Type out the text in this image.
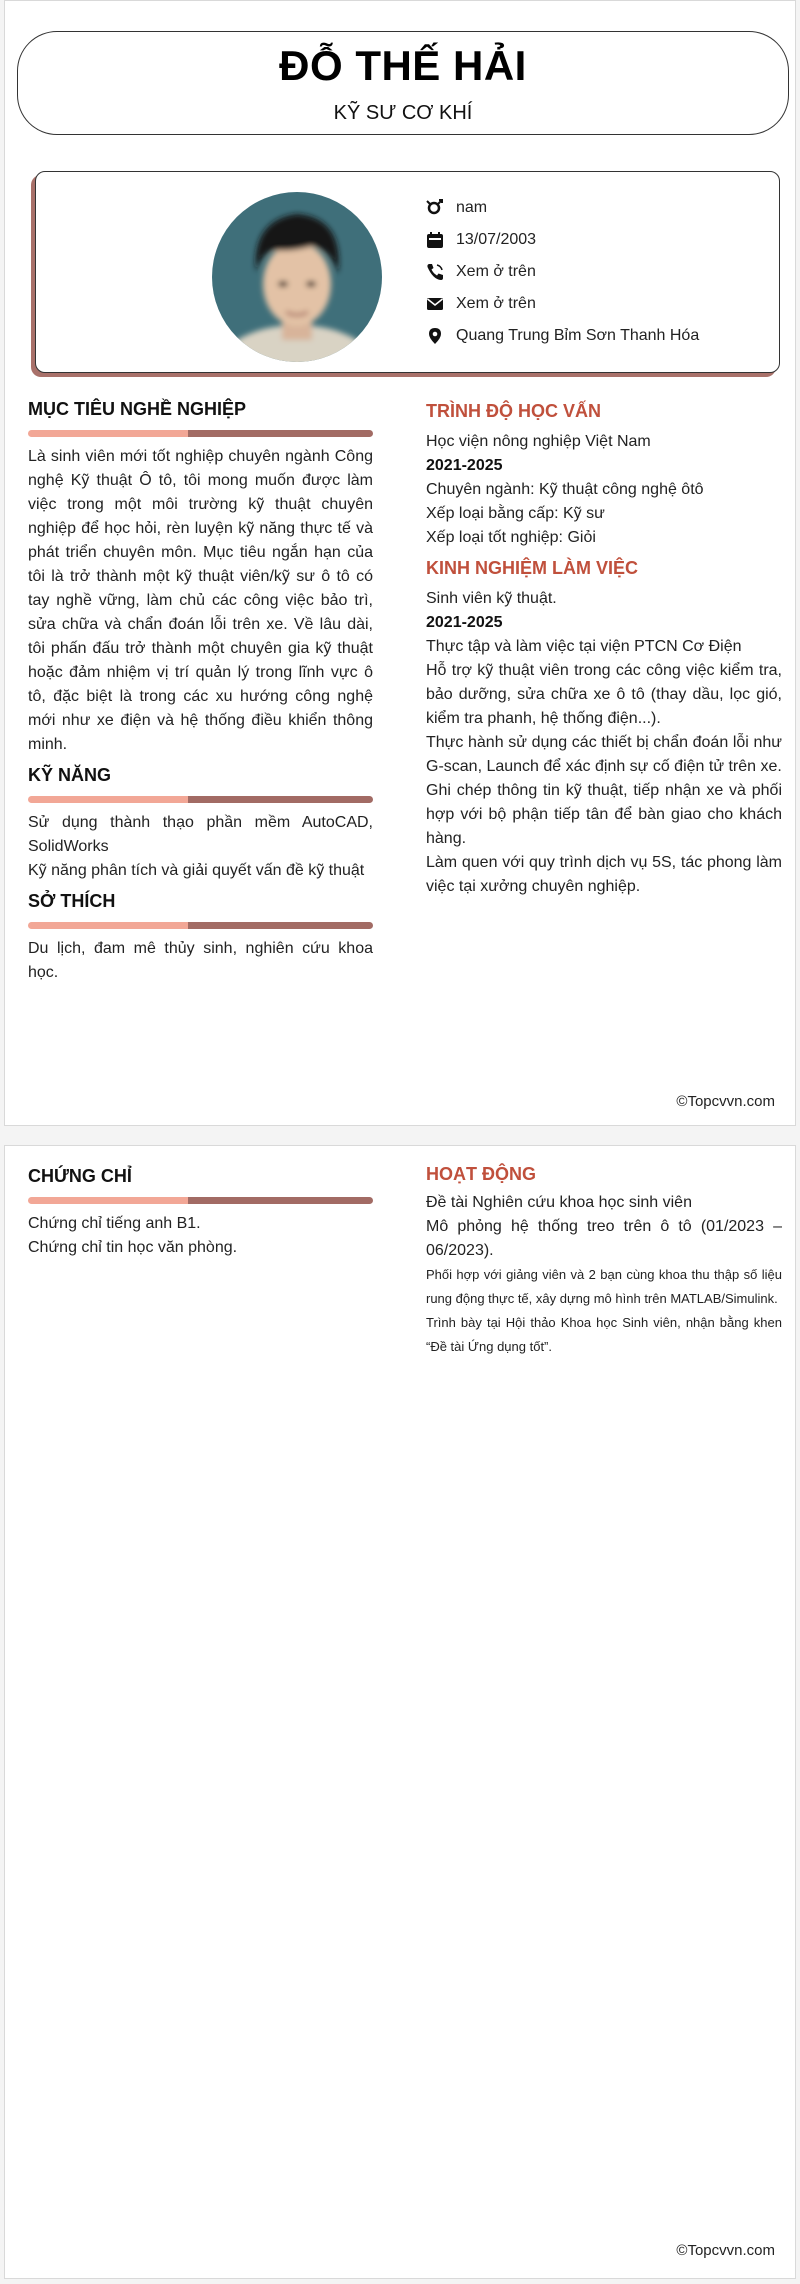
ĐỖ THẾ HẢI
KỸ SƯ CƠ KHÍ
nam
13/07/2003
Xem ở trên
Xem ở trên
Quang Trung Bỉm Sơn Thanh Hóa
MỤC TIÊU NGHỀ NGHIỆP

Là sinh viên mới tốt nghiệp chuyên ngành Công nghệ Kỹ thuật Ô tô, tôi mong muốn được làm việc trong một môi trường kỹ thuật chuyên nghiệp để học hỏi, rèn luyện kỹ năng thực tế và phát triển chuyên môn. Mục tiêu ngắn hạn của tôi là trở thành một kỹ thuật viên/kỹ sư ô tô có tay nghề vững, làm chủ các công việc bảo trì, sửa chữa và chẩn đoán lỗi trên xe. Về lâu dài, tôi phấn đấu trở thành một chuyên gia kỹ thuật hoặc đảm nhiệm vị trí quản lý trong lĩnh vực ô tô, đặc biệt là trong các xu hướng công nghệ mới như xe điện và hệ thống điều khiển thông minh.

KỸ NĂNG

Sử dụng thành thạo phần mềm AutoCAD, SolidWorks

Kỹ năng phân tích và giải quyết vấn đề kỹ thuật

SỞ THÍCH

Du lịch, đam mê thủy sinh, nghiên cứu khoa học.

TRÌNH ĐỘ HỌC VẤN
Học viện nông nghiệp Việt Nam
2021-2025
Chuyên ngành: Kỹ thuật công nghệ ôtô
Xếp loại bằng cấp: Kỹ sư
Xếp loại tốt nghiệp: Giỏi
KINH NGHIỆM LÀM VIỆC
Sinh viên kỹ thuật.
2021-2025
Thực tập và làm việc tại viện PTCN Cơ Điện

Hỗ trợ kỹ thuật viên trong các công việc kiểm tra, bảo dưỡng, sửa chữa xe ô tô (thay dầu, lọc gió, kiểm tra phanh, hệ thống điện...).

Thực hành sử dụng các thiết bị chẩn đoán lỗi như G-scan, Launch để xác định sự cố điện tử trên xe.

Ghi chép thông tin kỹ thuật, tiếp nhận xe và phối hợp với bộ phận tiếp tân để bàn giao cho khách hàng.

Làm quen với quy trình dịch vụ 5S, tác phong làm việc tại xưởng chuyên nghiệp.

©Topcvvn.com
CHỨNG CHỈ
Chứng chỉ tiếng anh B1.
Chứng chỉ tin học văn phòng.
HOẠT ĐỘNG
Đề tài Nghiên cứu khoa học sinh viên

Mô phỏng hệ thống treo trên ô tô (01/2023 – 06/2023).

Phối hợp với giảng viên và 2 bạn cùng khoa thu thập số liệu rung động thực tế, xây dựng mô hình trên MATLAB/Simulink.
Trình bày tại Hội thảo Khoa học Sinh viên, nhận bằng khen “Đề tài Ứng dụng tốt”.
©Topcvvn.com
